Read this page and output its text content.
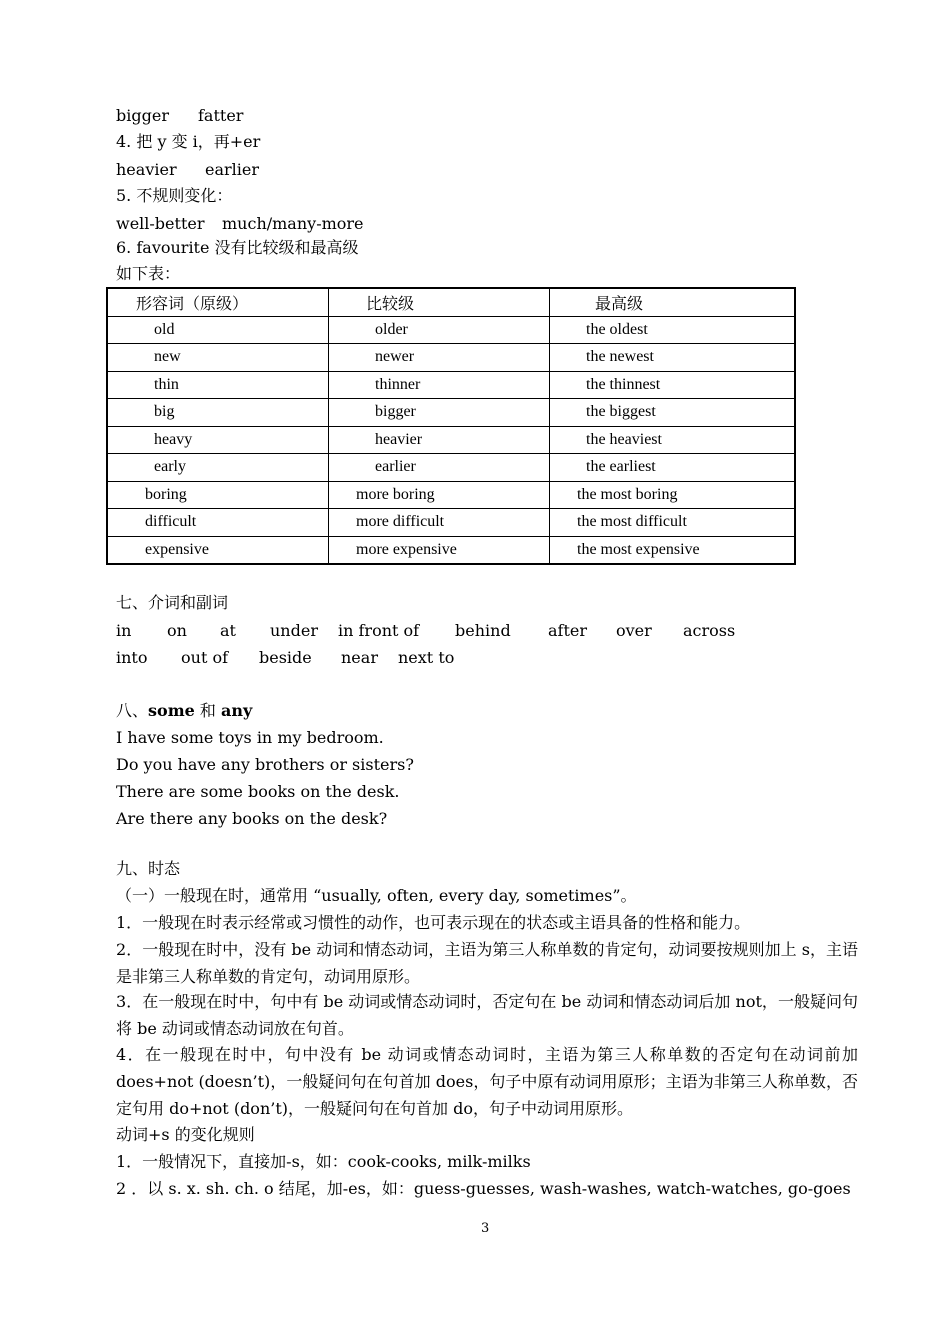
bigger fatter
4. 把 y 变 i，再+er
heavier earlier
5. 不规则变化：
well-better much/many-more
6. favourite 没有比较级和最高级
如下表：
形容词（原级）	比较级	最高级
old	older	the oldest
new	newer	the newest
thin	thinner	the thinnest
big	bigger	the biggest
heavy	heavier	the heaviest
early	earlier	the earliest
boring	more boring	the most boring
difficult	more difficult	the most difficult
expensive	more expensive	the most expensive
七、介词和副词
in on at under in front of behind after over across
into out of beside near next to
八、some 和 any
I have some toys in my bedroom.
Do you have any brothers or sisters?
There are some books on the desk.
Are there any books on the desk?
九、时态
（一）一般现在时，通常用 “usually, often, every day, sometimes”。
1．一般现在时表示经常或习惯性的动作，也可表示现在的状态或主语具备的性格和能力。
2．一般现在时中，没有 be 动词和情态动词，主语为第三人称单数的肯定句，动词要按规则加上 s，主语是非第三人称单数的肯定句，动词用原形。
3．在一般现在时中，句中有 be 动词或情态动词时，否定句在 be 动词和情态动词后加 not，一般疑问句将 be 动词或情态动词放在句首。
4．在一般现在时中，句中没有 be 动词或情态动词时，主语为第三人称单数的否定句在动词前加 does+not (doesn’t)，一般疑问句在句首加 does，句子中原有动词用原形；主语为非第三人称单数，否定句用 do+not (don’t)，一般疑问句在句首加 do，句子中动词用原形。
动词+s 的变化规则
1．一般情况下，直接加-s，如：cook-cooks, milk-milks
2 ．以 s. x. sh. ch. o 结尾，加-es，如：guess-guesses, wash-washes, watch-watches, go-goes
3
